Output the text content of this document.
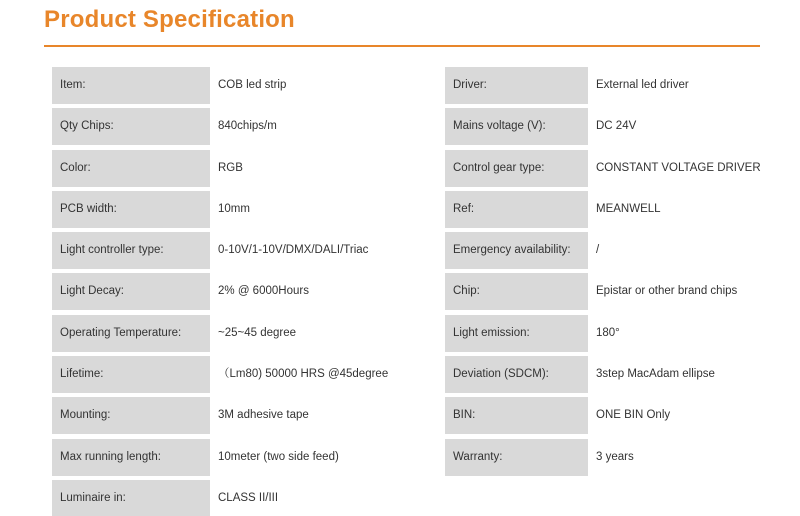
Product Specification
Item:	COB led strip
Qty Chips:	840chips/m
Color:	RGB
PCB width:	10mm
Light controller type:	0-10V/1-10V/DMX/DALI/Triac
Light Decay:	2% @ 6000Hours
Operating Temperature:	~25~45 degree
Lifetime:	（Lm80) 50000 HRS @45degree
Mounting:	3M adhesive tape
Max running length:	10meter (two side feed)
Luminaire in:	CLASS II/III
Driver:	External led driver
Mains voltage (V):	DC 24V
Control gear type:	CONSTANT VOLTAGE DRIVER
Ref:	MEANWELL
Emergency availability:	/
Chip:	Epistar or other brand chips
Light emission:	180°
Deviation (SDCM):	3step MacAdam ellipse
BIN:	ONE BIN Only
Warranty:	3 years
